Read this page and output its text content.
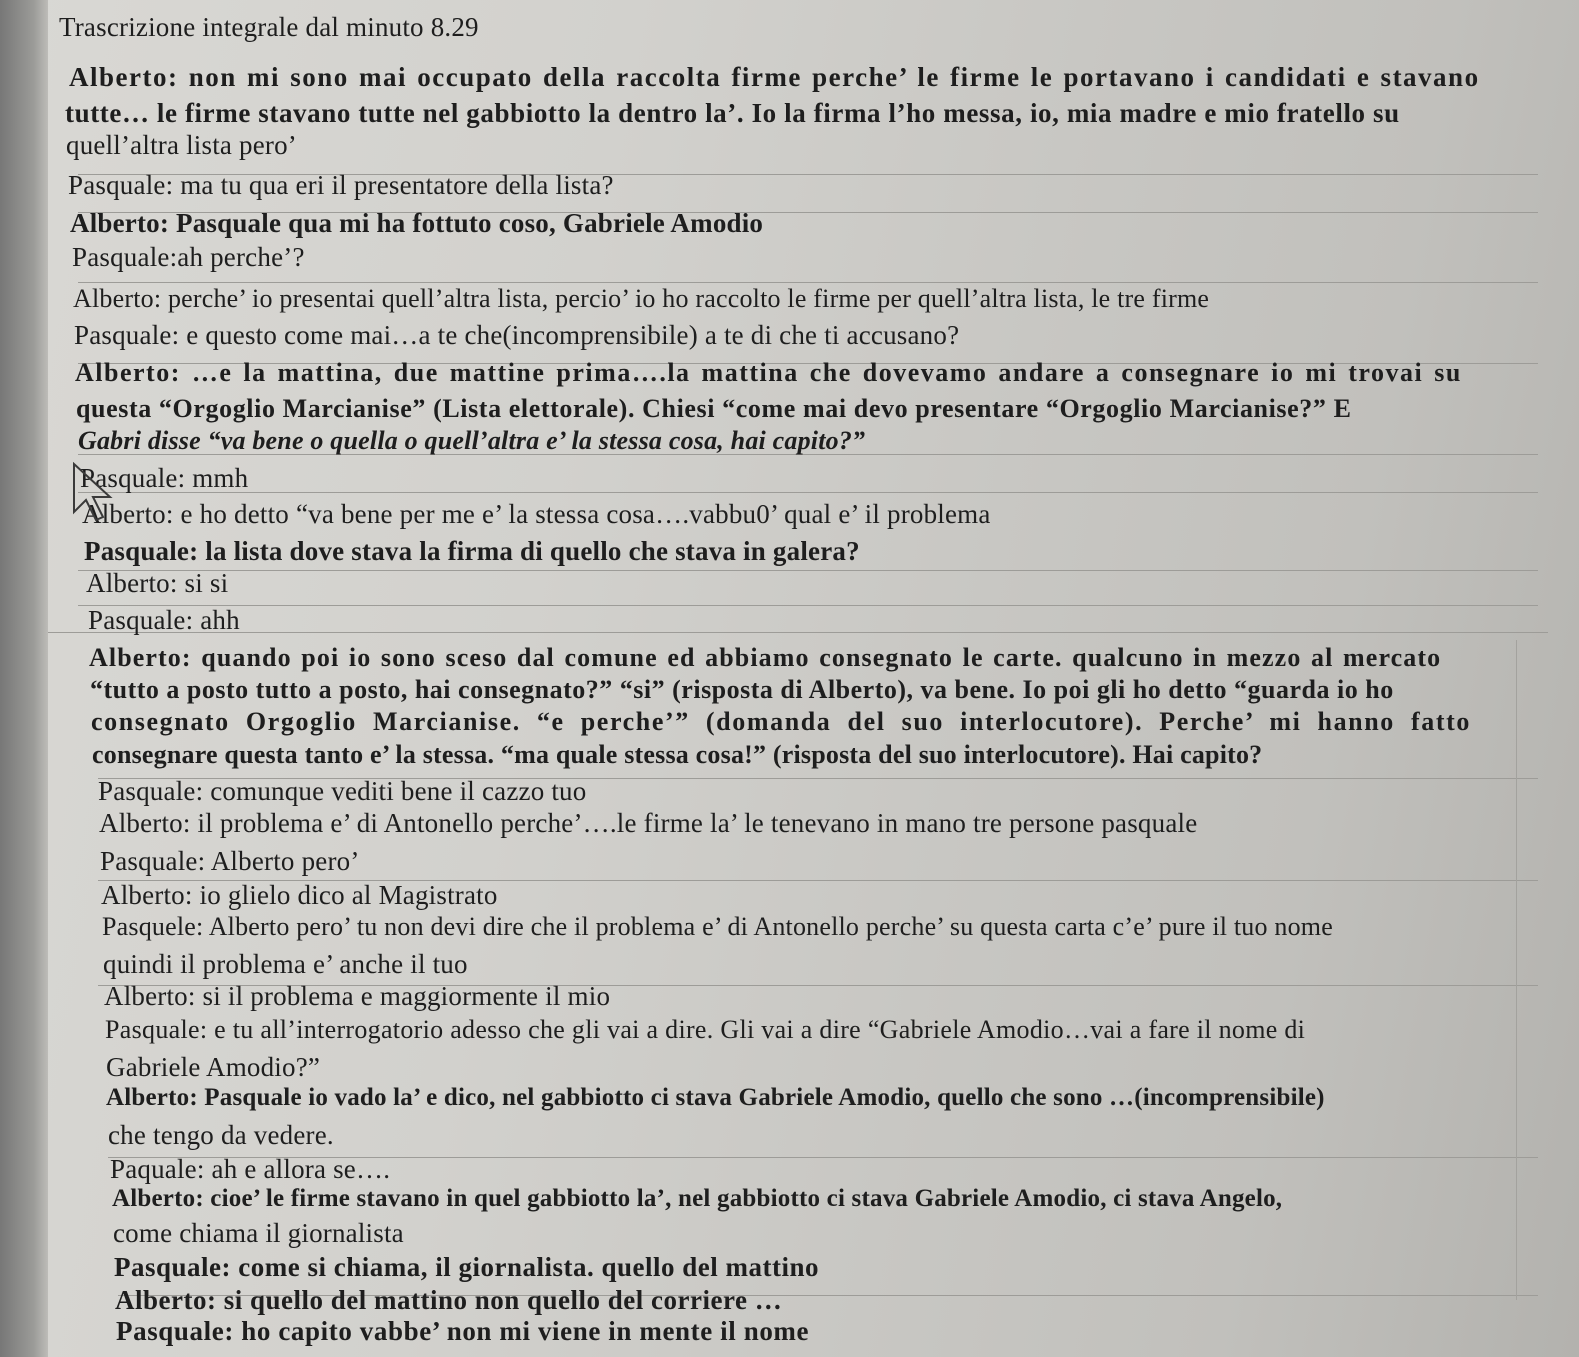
Trascrizione integrale dal minuto 8.29
Alberto: non mi sono mai occupato della raccolta firme perche’ le firme le portavano i candidati e stavano
tutte… le firme stavano tutte nel gabbiotto la dentro la’. Io la firma l’ho messa, io, mia madre e mio fratello su
quell’altra lista pero’
Pasquale: ma tu qua eri il presentatore della lista?
Alberto: Pasquale qua mi ha fottuto coso, Gabriele Amodio
Pasquale:ah perche’?
Alberto: perche’ io presentai quell’altra lista, percio’ io ho raccolto le firme per quell’altra lista, le tre firme
Pasquale: e questo come mai…a te che(incomprensibile) a te di che ti accusano?
Alberto: …e la mattina, due mattine prima….la mattina che dovevamo andare a consegnare io mi trovai su
questa “Orgoglio Marcianise” (Lista elettorale). Chiesi “come mai devo presentare “Orgoglio Marcianise?” E
Gabri disse “va bene o quella o quell’altra e’ la stessa cosa, hai capito?”
Pasquale: mmh
Alberto: e ho detto “va bene per me e’ la stessa cosa….vabbu0’ qual e’ il problema
Pasquale: la lista dove stava la firma di quello che stava in galera?
Alberto: si si
Pasquale: ahh
Alberto: quando poi io sono sceso dal comune ed abbiamo consegnato le carte. qualcuno in mezzo al mercato
“tutto a posto tutto a posto, hai consegnato?” “si” (risposta di Alberto), va bene. Io poi gli ho detto “guarda io ho
consegnato Orgoglio Marcianise. “e perche’” (domanda del suo interlocutore). Perche’ mi hanno fatto
consegnare questa tanto e’ la stessa. “ma quale stessa cosa!” (risposta del suo interlocutore). Hai capito?
Pasquale: comunque vediti bene il cazzo tuo
Alberto: il problema e’ di Antonello perche’….le firme la’ le tenevano in mano tre persone pasquale
Pasquale: Alberto pero’
Alberto: io glielo dico al Magistrato
Pasquele: Alberto pero’ tu non devi dire che il problema e’ di Antonello perche’ su questa carta c’e’ pure il tuo nome
quindi il problema e’ anche il tuo
Alberto: si il problema e maggiormente il mio
Pasquale: e tu all’interrogatorio adesso che gli vai a dire. Gli vai a dire “Gabriele Amodio…vai a fare il nome di
Gabriele Amodio?”
Alberto: Pasquale io vado la’ e dico, nel gabbiotto ci stava Gabriele Amodio, quello che sono …(incomprensibile)
che tengo da vedere.
Paquale: ah e allora se….
Alberto: cioe’ le firme stavano in quel gabbiotto la’, nel gabbiotto ci stava Gabriele Amodio, ci stava Angelo,
come chiama il giornalista
Pasquale: come si chiama, il giornalista. quello del mattino
Alberto: si quello del mattino non quello del corriere …
Pasquale: ho capito vabbe’ non mi viene in mente il nome
